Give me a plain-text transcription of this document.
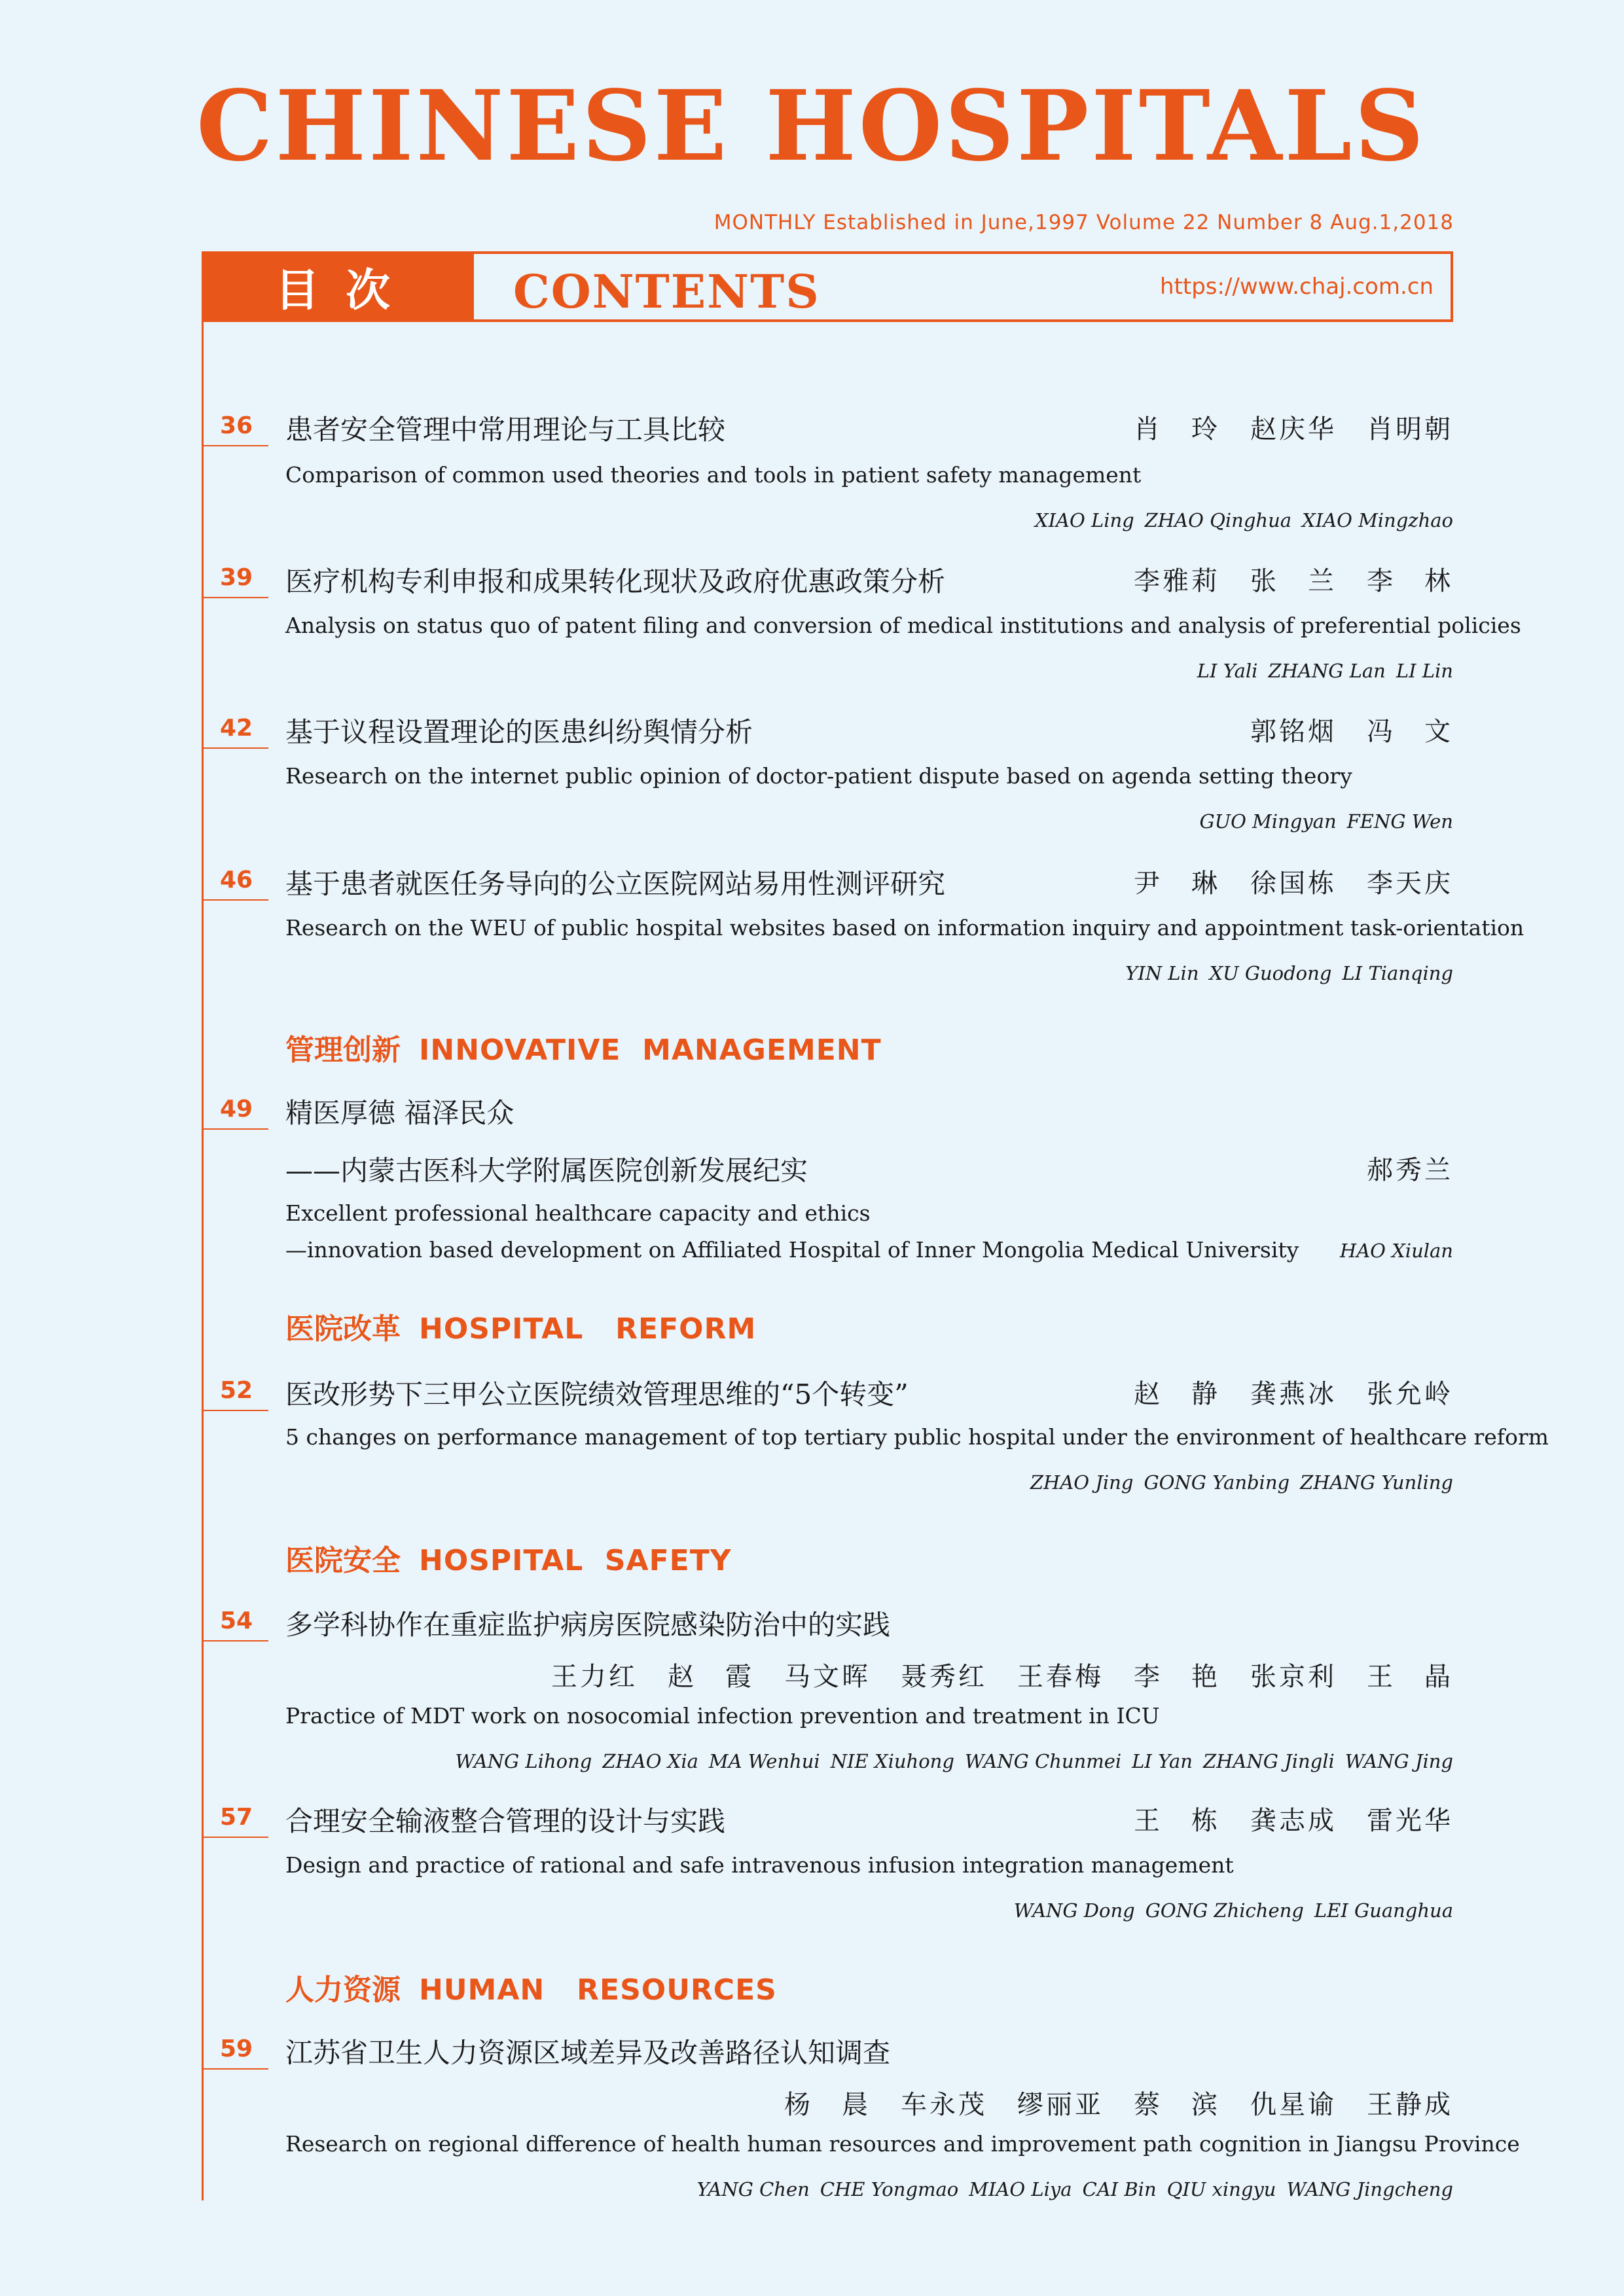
CHINESE HOSPITALS
MONTHLY Established in June,1997 Volume 22 Number 8 Aug.1,2018
目次	CONTENTS	https://www.chaj.com.cn
36 患者安全管理中常用理论与工具比较	肖　玲 赵庆华 肖明朝
Comparison of common used theories and tools in patient safety management
XIAO Ling ZHAO Qinghua XIAO Mingzhao
39 医疗机构专利申报和成果转化现状及政府优惠政策分析	李雅莉 张　兰 李　林
Analysis on status quo of patent filing and conversion of medical institutions and analysis of preferential policies
LI Yali ZHANG Lan LI Lin
42 基于议程设置理论的医患纠纷舆情分析	郭铭烟 冯　文
Research on the internet public opinion of doctor-patient dispute based on agenda setting theory
GUO Mingyan FENG Wen
46 基于患者就医任务导向的公立医院网站易用性测评研究	尹　琳 徐国栋 李天庆
Research on the WEU of public hospital websites based on information inquiry and appointment task-orientation
YIN Lin XU Guodong LI Tianqing
管理创新 INNOVATIVE  MANAGEMENT
49 精医厚德 福泽民众
——内蒙古医科大学附属医院创新发展纪实	郝秀兰
Excellent professional healthcare capacity and ethics
—innovation based development on Affiliated Hospital of Inner Mongolia Medical University	HAO Xiulan
医院改革 HOSPITAL   REFORM
52 医改形势下三甲公立医院绩效管理思维的“5个转变”	赵　静 龚燕冰 张允岭
5 changes on performance management of top tertiary public hospital under the environment of healthcare reform
ZHAO Jing GONG Yanbing ZHANG Yunling
医院安全 HOSPITAL  SAFETY
54 多学科协作在重症监护病房医院感染防治中的实践
王力红 赵　霞 马文晖 聂秀红 王春梅 李　艳 张京利 王　晶
Practice of MDT work on nosocomial infection prevention and treatment in ICU
WANG Lihong ZHAO Xia MA Wenhui NIE Xiuhong WANG Chunmei LI Yan ZHANG Jingli WANG Jing
57 合理安全输液整合管理的设计与实践	王　栋 龚志成 雷光华
Design and practice of rational and safe intravenous infusion integration management
WANG Dong GONG Zhicheng LEI Guanghua
人力资源 HUMAN   RESOURCES
59 江苏省卫生人力资源区域差异及改善路径认知调查
杨　晨 车永茂 缪丽亚 蔡　滨 仇星谕 王静成
Research on regional difference of health human resources and improvement path cognition in Jiangsu Province
YANG Chen CHE Yongmao MIAO Liya CAI Bin QIU xingyu WANG Jingcheng
